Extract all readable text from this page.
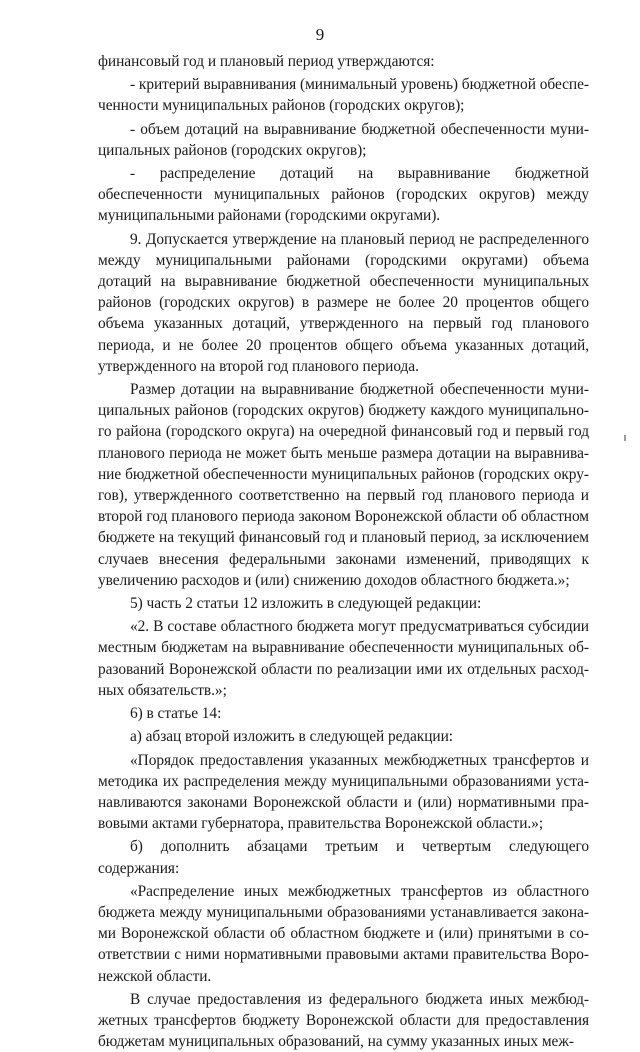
9

финансовый год и плановый период утверждаются:

- критерий выравнивания (минимальный уровень) бюджетной обеспеченности муниципальных районов (городских округов);

- объем дотаций на выравнивание бюджетной обеспеченности муниципальных районов (городских округов);

- распределение дотаций на выравнивание бюджетной обеспеченности муниципальных районов (городских округов) между муниципальными районами (городскими округами).

9. Допускается утверждение на плановый период не распределенного между муниципальными районами (городскими округами) объема дотаций на выравнивание бюджетной обеспеченности муниципальных районов (городских округов) в размере не более 20 процентов общего объема указанных дотаций, утвержденного на первый год планового периода, и не более 20 процентов общего объема указанных дотаций, утвержденного на второй год планового периода.

Размер дотации на выравнивание бюджетной обеспеченности муниципальных районов (городских округов) бюджету каждого муниципального района (городского округа) на очередной финансовый год и первый год планового периода не может быть меньше размера дотации на выравнивание бюджетной обеспеченности муниципальных районов (городских округов), утвержденного соответственно на первый год планового периода и второй год планового периода законом Воронежской области об областном бюджете на текущий финансовый год и плановый период, за исключением случаев внесения федеральными законами изменений, приводящих к увеличению расходов и (или) снижению доходов областного бюджета.»;

5) часть 2 статьи 12 изложить в следующей редакции:

«2. В составе областного бюджета могут предусматриваться субсидии местным бюджетам на выравнивание обеспеченности муниципальных образований Воронежской области по реализации ими их отдельных расходных обязательств.»;

6) в статье 14:

а) абзац второй изложить в следующей редакции:

«Порядок предоставления указанных межбюджетных трансфертов и методика их распределения между муниципальными образованиями устанавливаются законами Воронежской области и (или) нормативными правовыми актами губернатора, правительства Воронежской области.»;

б) дополнить абзацами третьим и четвертым следующего содержания:

«Распределение иных межбюджетных трансфертов из областного бюджета между муниципальными образованиями устанавливается законами Воронежской области об областном бюджете и (или) принятыми в соответствии с ними нормативными правовыми актами правительства Воронежской области.

В случае предоставления из федерального бюджета иных межбюджетных трансфертов бюджету Воронежской области для предоставления бюджетам муниципальных образований, на сумму указанных иных меж-
